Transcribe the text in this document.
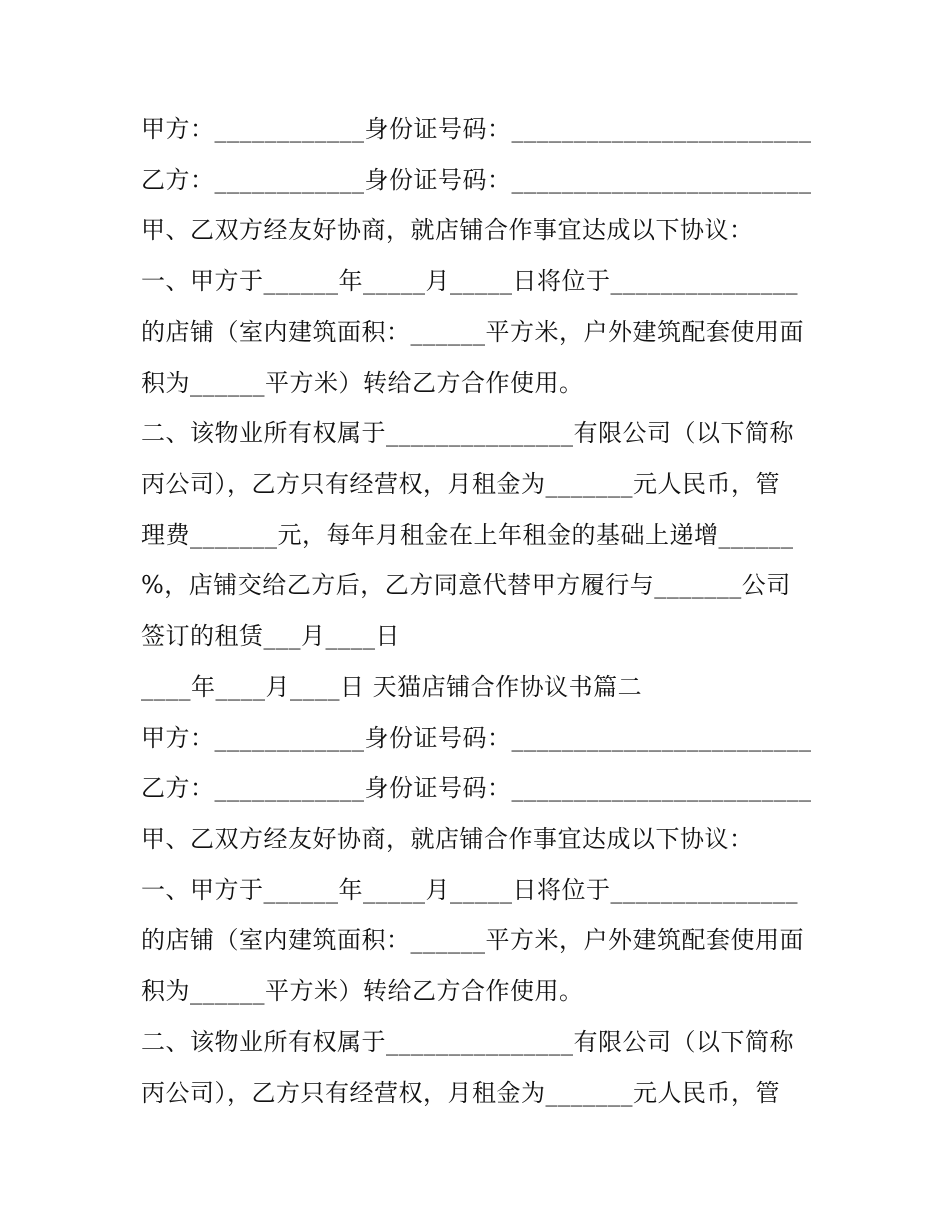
甲方：____________身份证号码：________________________
乙方：____________身份证号码：________________________
甲、乙双方经友好协商，就店铺合作事宜达成以下协议：
一、甲方于______年_____月_____日将位于_______________
的店铺（室内建筑面积：______平方米，户外建筑配套使用面
积为______平方米）转给乙方合作使用。
二、该物业所有权属于_______________有限公司（以下简称
丙公司），乙方只有经营权，月租金为_______元人民币，管
理费_______元，每年月租金在上年租金的基础上递增______
%，店铺交给乙方后，乙方同意代替甲方履行与_______公司
签订的租赁___月____日
____年____月____日 天猫店铺合作协议书篇二
甲方：____________身份证号码：________________________
乙方：____________身份证号码：________________________
甲、乙双方经友好协商，就店铺合作事宜达成以下协议：
一、甲方于______年_____月_____日将位于_______________
的店铺（室内建筑面积：______平方米，户外建筑配套使用面
积为______平方米）转给乙方合作使用。
二、该物业所有权属于_______________有限公司（以下简称
丙公司），乙方只有经营权，月租金为_______元人民币，管
